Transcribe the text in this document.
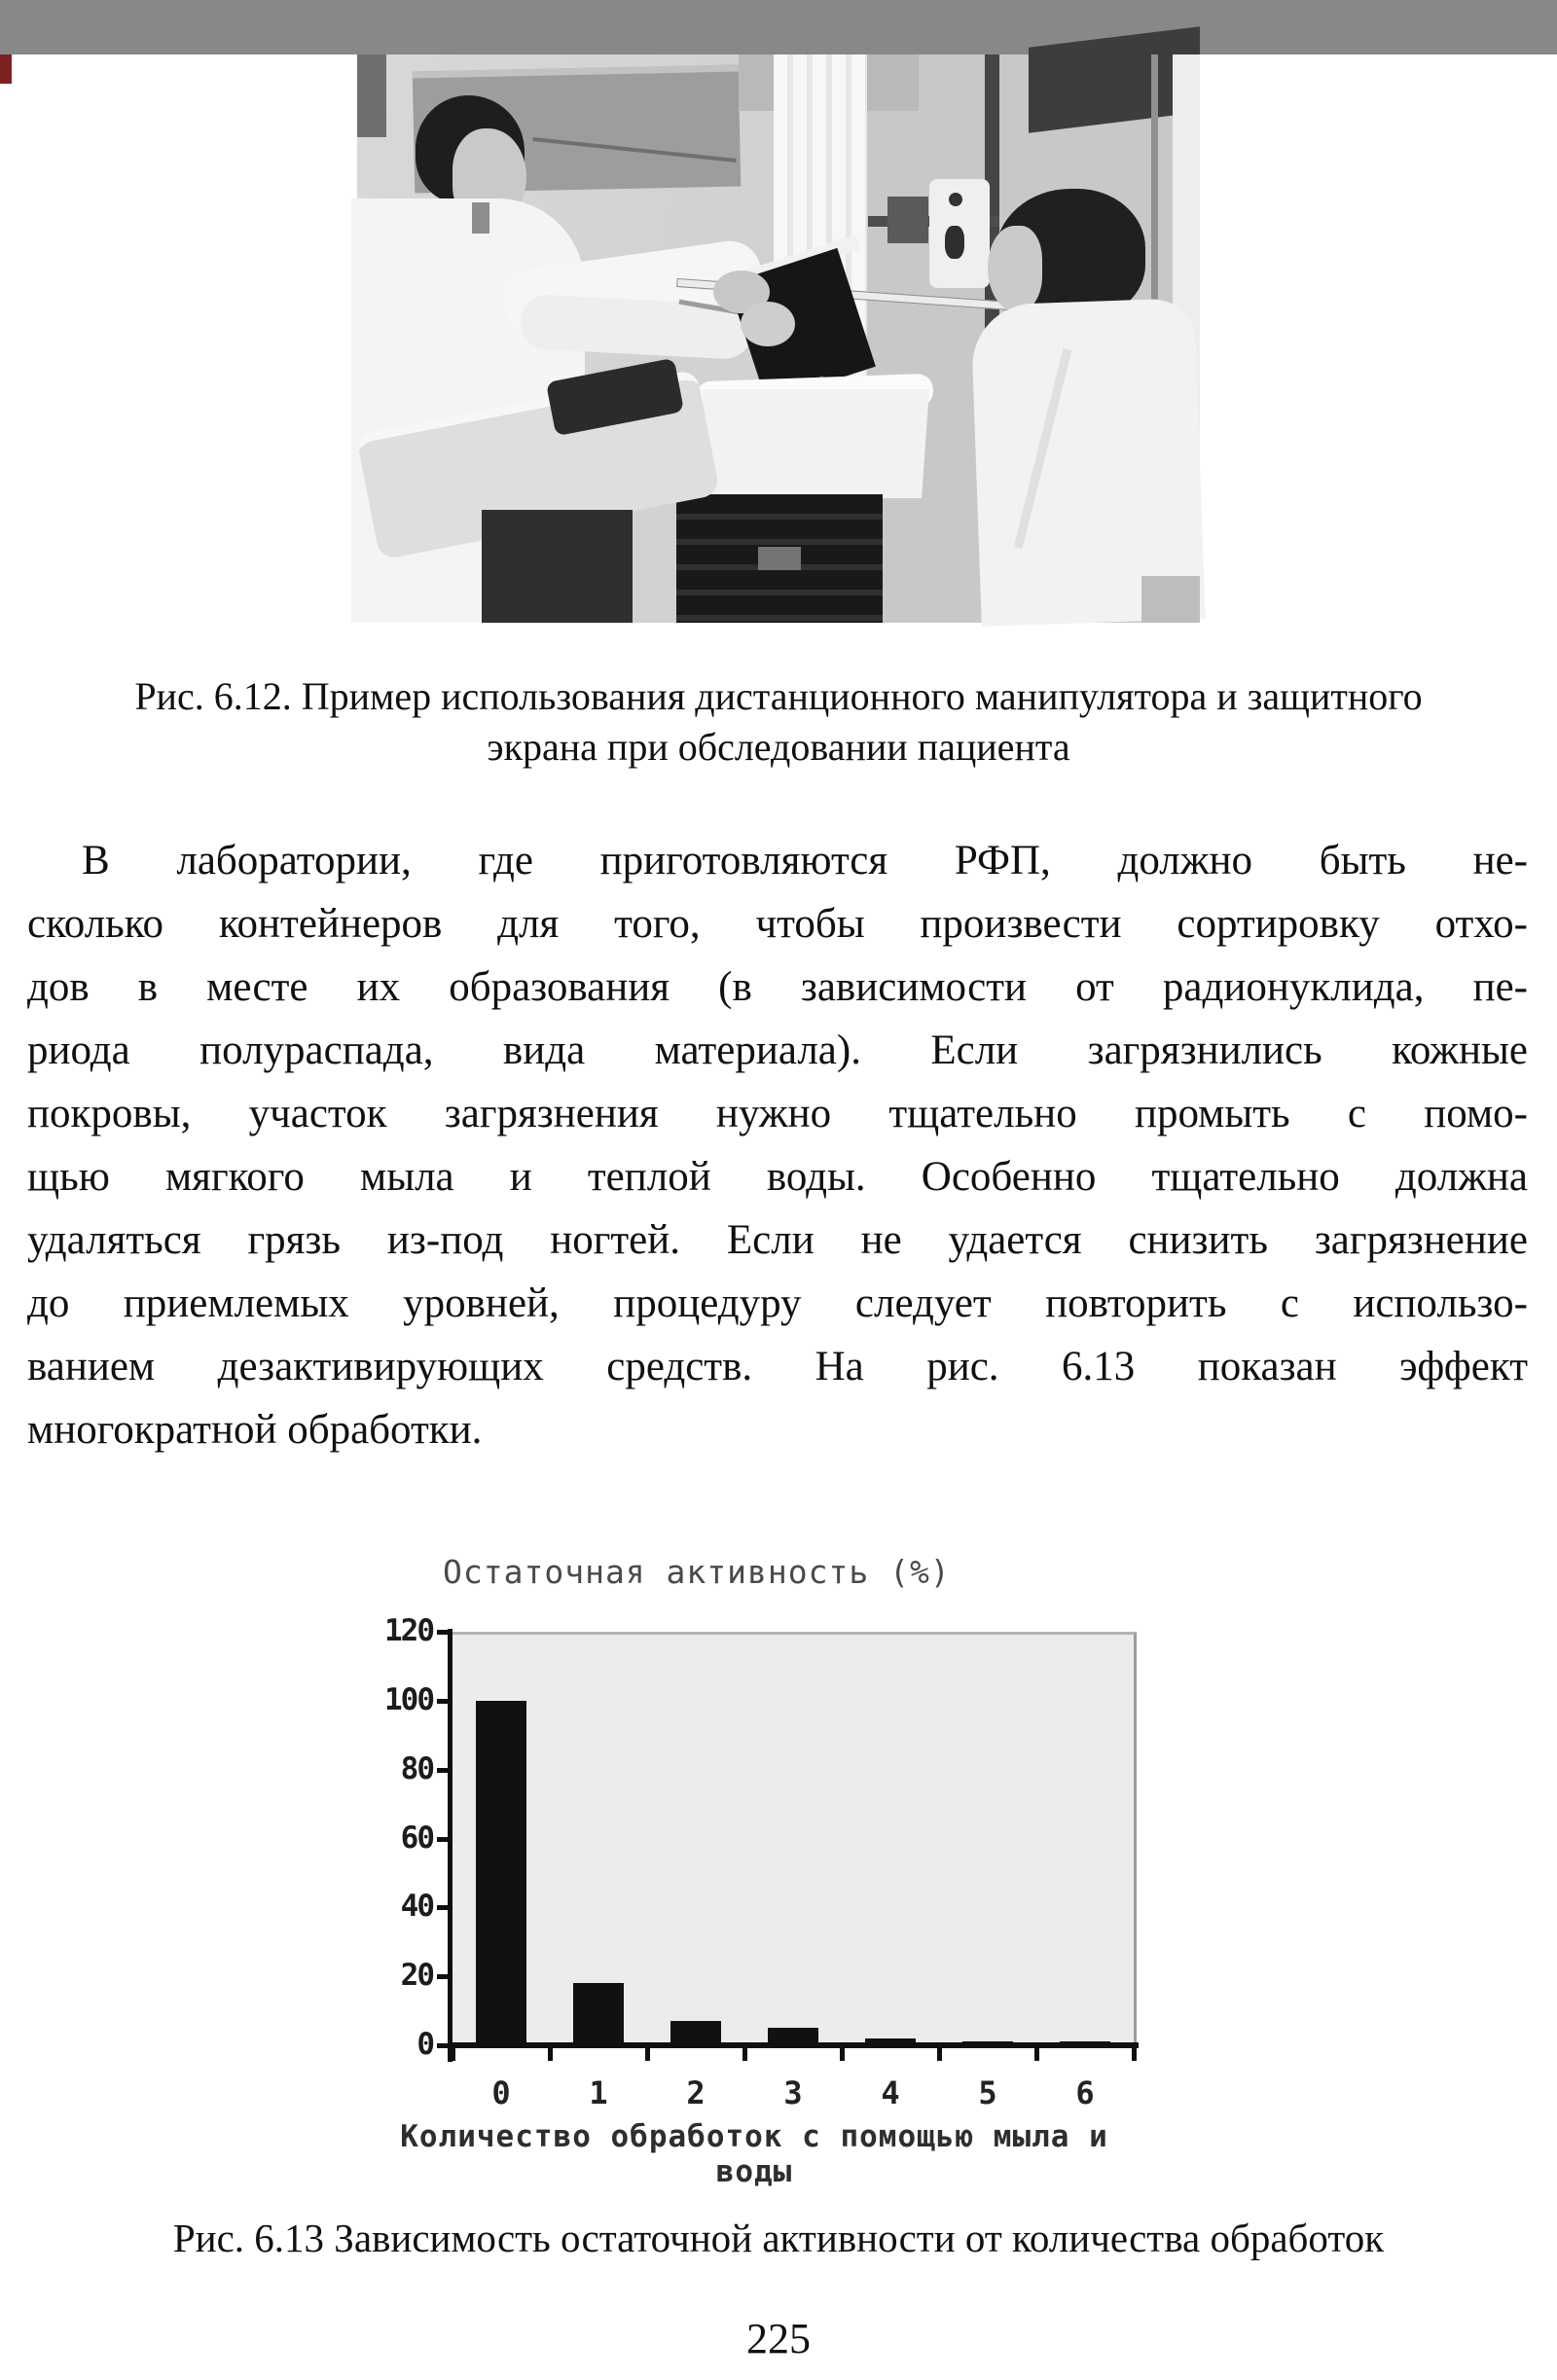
Рис. 6.12. Пример использования дистанционного манипулятора и защитного
экрана при обследовании пациента
В лаборатории, где приготовляются РФП, должно быть не-
сколько контейнеров для того, чтобы произвести сортировку отхо-
дов в месте их образования (в зависимости от радионуклида, пе-
риода полураспада, вида материала). Если загрязнились кожные
покровы, участок загрязнения нужно тщательно промыть с помо-
щью мягкого мыла и теплой воды. Особенно тщательно должна
удаляться грязь из-под ногтей. Если не удается снизить загрязнение
до приемлемых уровней, процедуру следует повторить с использо-
ванием дезактивирующих средств. На рис. 6.13 показан эффект
многократной обработки.
Остаточная активность (%)
Количество обработок с помощью мыла и воды
0
20
40
60
80
100
120
0	1	2	3	4	5	6
Рис. 6.13 Зависимость остаточной активности от количества обработок
225
